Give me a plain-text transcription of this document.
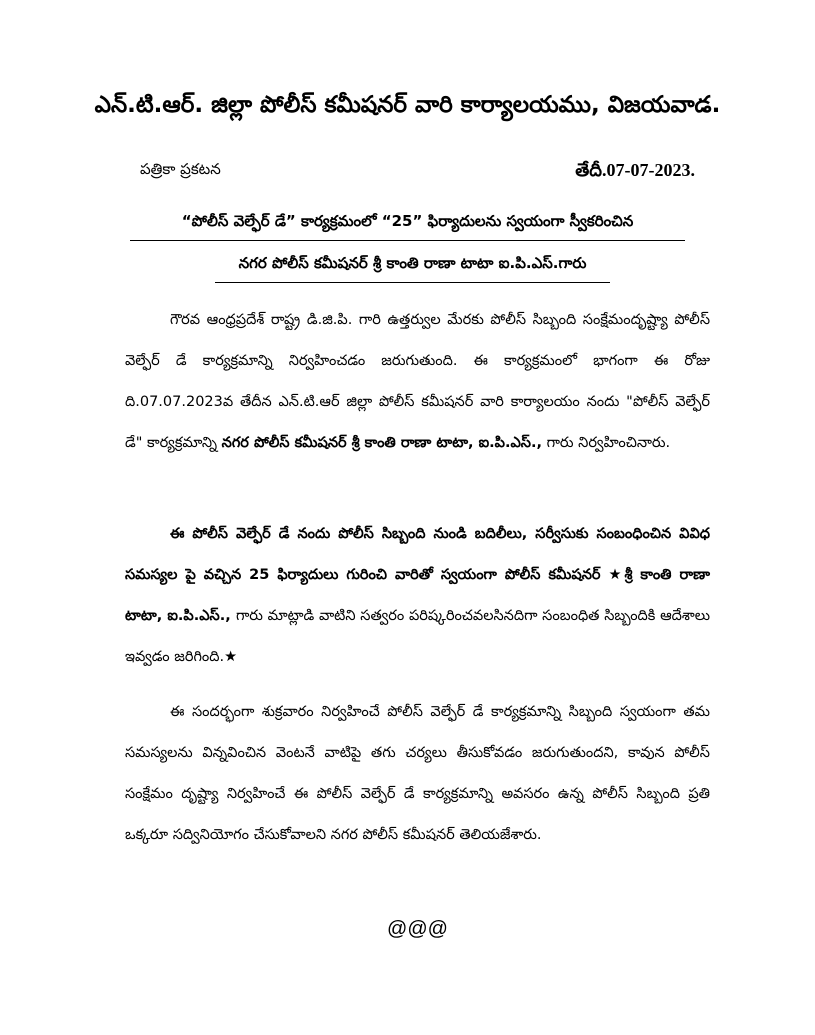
ఎన్.టి.ఆర్. జిల్లా పోలీస్ కమీషనర్ వారి కార్యాలయము, విజయవాడ.
పత్రికా ప్రకటన	తేదీ.07-07-2023.
“పోలీస్ వెల్ఫేర్ డే” కార్యక్రమంలో “25” ఫిర్యాదులను స్వయంగా స్వీకరించిన
నగర పోలీస్ కమీషనర్ శ్రీ కాంతి రాణా టాటా ఐ.పి.ఎస్.గారు
గౌరవ ఆంధ్రప్రదేశ్ రాష్ట్ర డి.జి.పి. గారి ఉత్తర్వుల మేరకు పోలీస్ సిబ్బంది సంక్షేమందృష్ట్యా పోలీస్ వెల్ఫేర్ డే కార్యక్రమాన్ని నిర్వహించడం జరుగుతుంది. ఈ కార్యక్రమంలో భాగంగా ఈ రోజు ది.07.07.2023వ తేదీన ఎన్.టి.ఆర్ జిల్లా పోలీస్ కమీషనర్ వారి కార్యాలయం నందు "పోలీస్ వెల్ఫేర్ డే" కార్యక్రమాన్ని నగర పోలీస్ కమీషనర్ శ్రీ కాంతి రాణా టాటా, ఐ.పి.ఎస్., గారు నిర్వహించినారు.
ఈ పోలీస్ వెల్ఫేర్ డే నందు పోలీస్ సిబ్బంది నుండి బదిలీలు, సర్వీసుకు సంబంధించిన వివిధ సమస్యల పై వచ్చిన 25 ఫిర్యాదులు గురించి వారితో స్వయంగా పోలీస్ కమీషనర్ ★శ్రీ కాంతి రాణా టాటా, ఐ.పి.ఎస్., గారు మాట్లాడి వాటిని సత్వరం పరిష్కరించవలసినదిగా సంబంధిత సిబ్బందికి ఆదేశాలు ఇవ్వడం జరిగింది.★
ఈ సందర్భంగా శుక్రవారం నిర్వహించే పోలీస్ వెల్ఫేర్ డే కార్యక్రమాన్ని సిబ్బంది స్వయంగా తమ సమస్యలను విన్నవించిన వెంటనే వాటిపై తగు చర్యలు తీసుకోవడం జరుగుతుందని, కావున పోలీస్ సంక్షేమం దృష్ట్యా నిర్వహించే ఈ పోలీస్ వెల్ఫేర్ డే కార్యక్రమాన్ని అవసరం ఉన్న పోలీస్ సిబ్బంది ప్రతి ఒక్కరూ సద్వినియోగం చేసుకోవాలని నగర పోలీస్ కమీషనర్ తెలియజేశారు.
@@@
